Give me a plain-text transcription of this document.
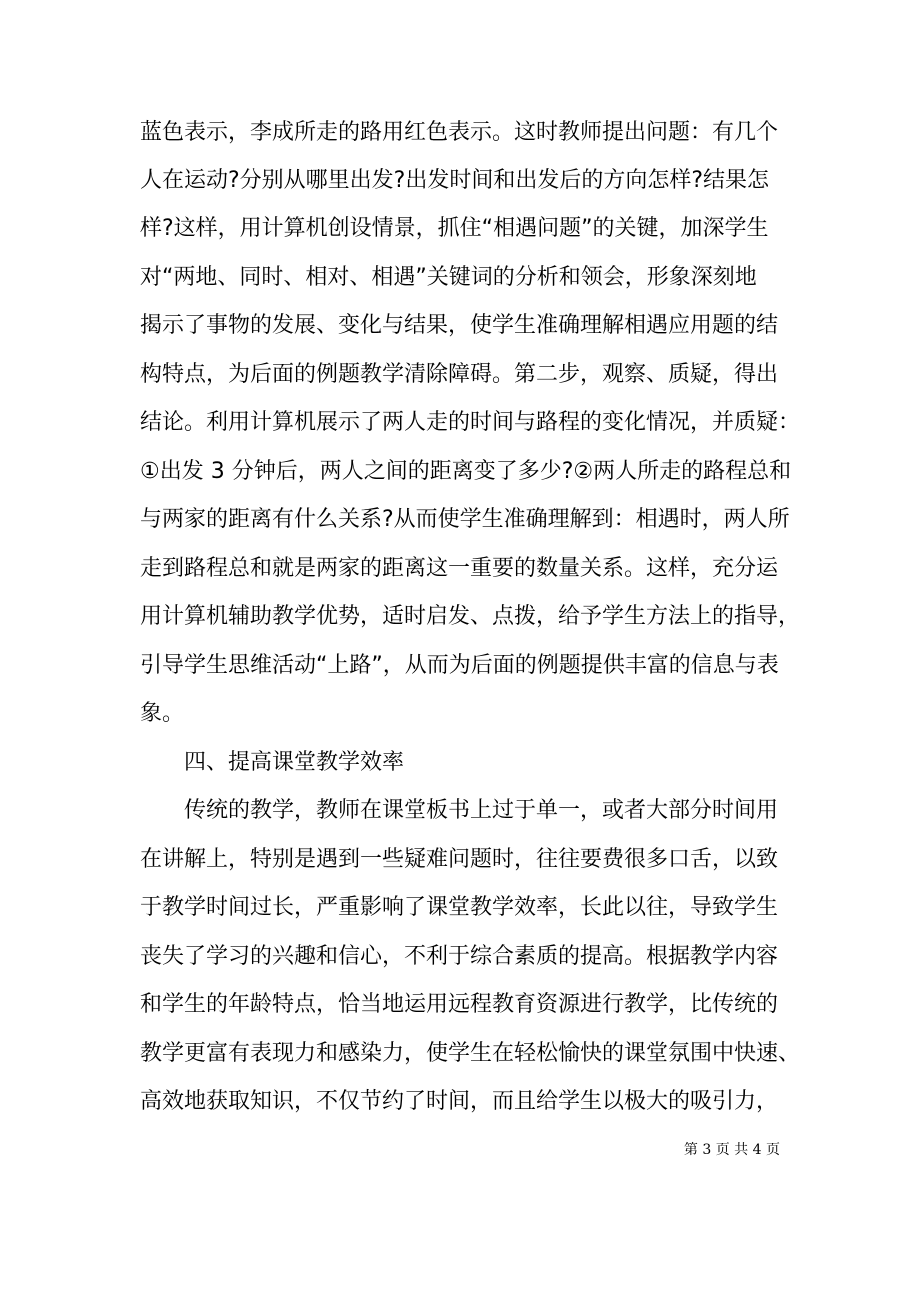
蓝色表示，李成所走的路用红色表示。这时教师提出问题：有几个
人在运动?分别从哪里出发?出发时间和出发后的方向怎样?结果怎
样?这样，用计算机创设情景，抓住“相遇问题”的关键，加深学生
对“两地、同时、相对、相遇”关键词的分析和领会，形象深刻地
揭示了事物的发展、变化与结果，使学生准确理解相遇应用题的结
构特点，为后面的例题教学清除障碍。第二步，观察、质疑，得出
结论。利用计算机展示了两人走的时间与路程的变化情况，并质疑：
①出发 3 分钟后，两人之间的距离变了多少?②两人所走的路程总和
与两家的距离有什么关系?从而使学生准确理解到：相遇时，两人所
走到路程总和就是两家的距离这一重要的数量关系。这样，充分运
用计算机辅助教学优势，适时启发、点拨，给予学生方法上的指导，
引导学生思维活动“上路”，从而为后面的例题提供丰富的信息与表
象。
四、提高课堂教学效率
传统的教学，教师在课堂板书上过于单一，或者大部分时间用
在讲解上，特别是遇到一些疑难问题时，往往要费很多口舌，以致
于教学时间过长，严重影响了课堂教学效率，长此以往，导致学生
丧失了学习的兴趣和信心，不利于综合素质的提高。根据教学内容
和学生的年龄特点，恰当地运用远程教育资源进行教学，比传统的
教学更富有表现力和感染力，使学生在轻松愉快的课堂氛围中快速、
高效地获取知识，不仅节约了时间，而且给学生以极大的吸引力，
第 3 页 共 4 页
